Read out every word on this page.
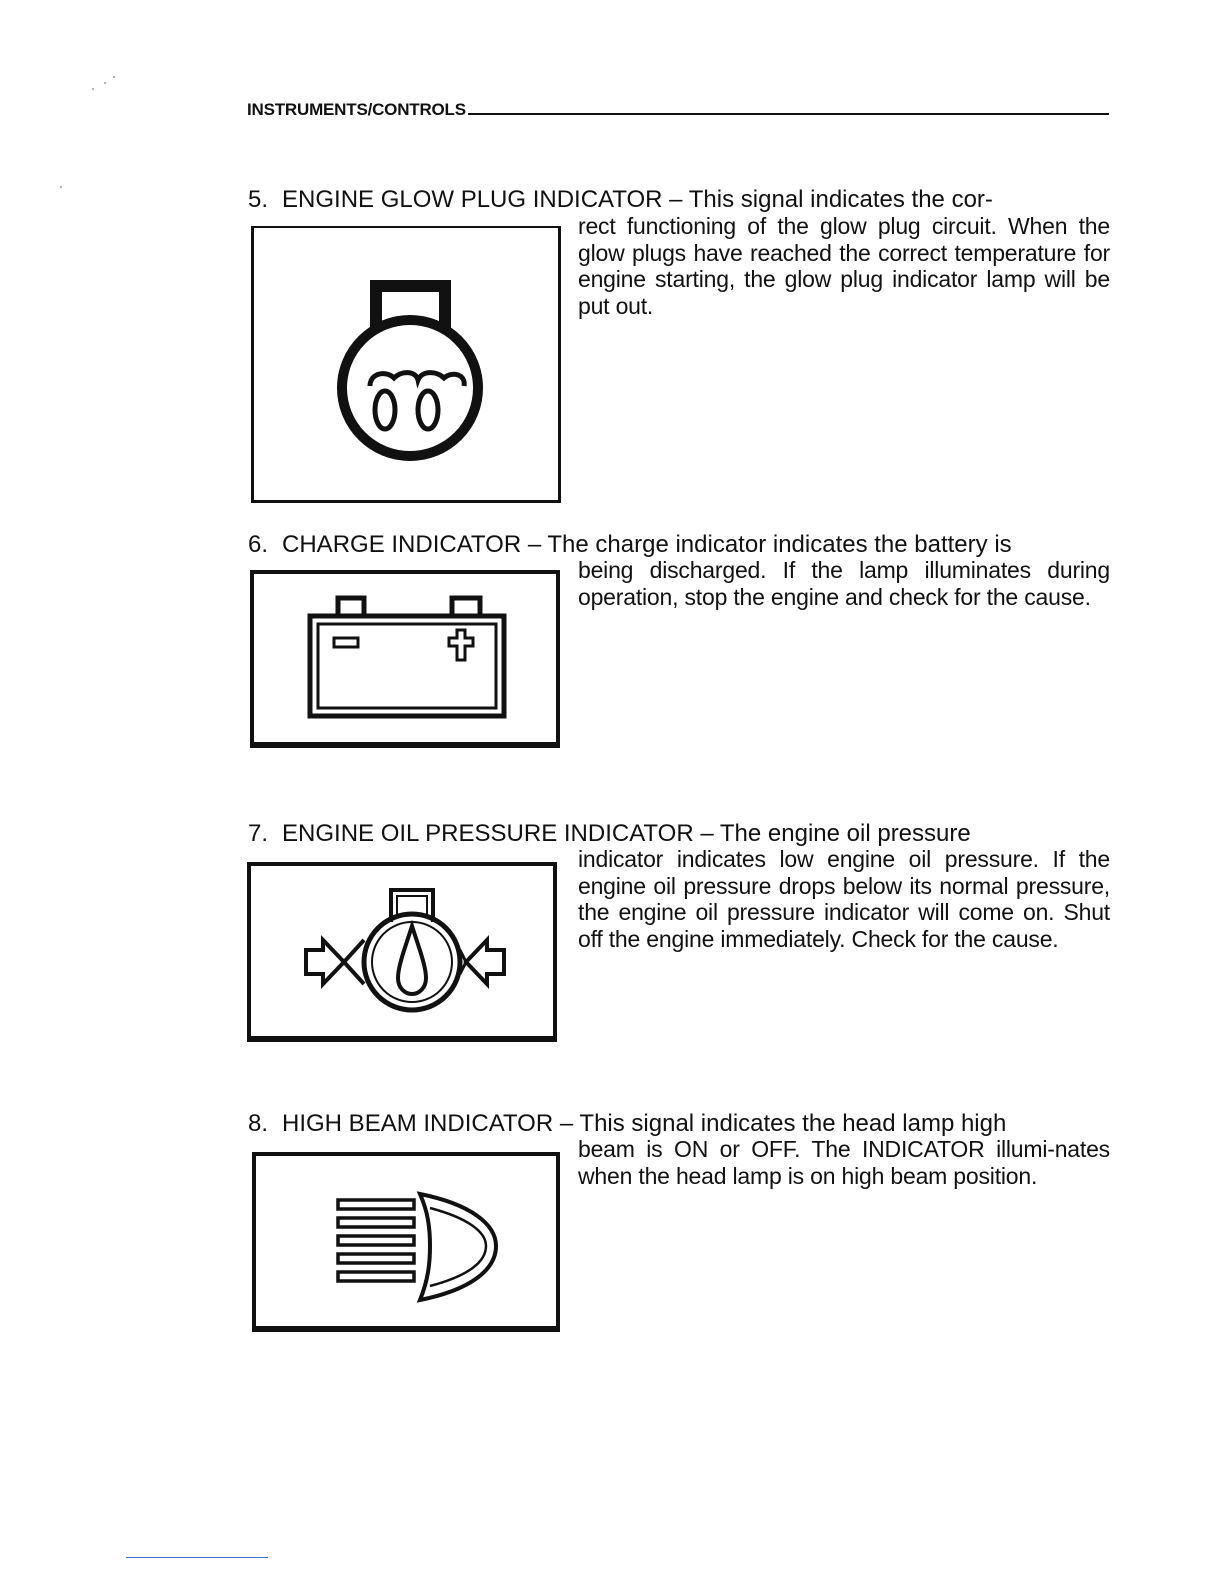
INSTRUMENTS/CONTROLS
5. ENGINE GLOW PLUG INDICATOR – This signal indicates the cor-
rect functioning of the glow plug circuit. When the glow plugs have reached the correct temperature for engine starting, the glow plug indicator lamp will be put out.
6. CHARGE INDICATOR – The charge indicator indicates the battery is
being discharged. If the lamp illuminates during operation, stop the engine and check for the cause.
7. ENGINE OIL PRESSURE INDICATOR – The engine oil pressure
indicator indicates low engine oil pressure. If the engine oil pressure drops below its normal pressure, the engine oil pressure indicator will come on. Shut off the engine immediately. Check for the cause.
8. HIGH BEAM INDICATOR – This signal indicates the head lamp high
beam is ON or OFF. The INDICATOR illumi-nates when the head lamp is on high beam position.
